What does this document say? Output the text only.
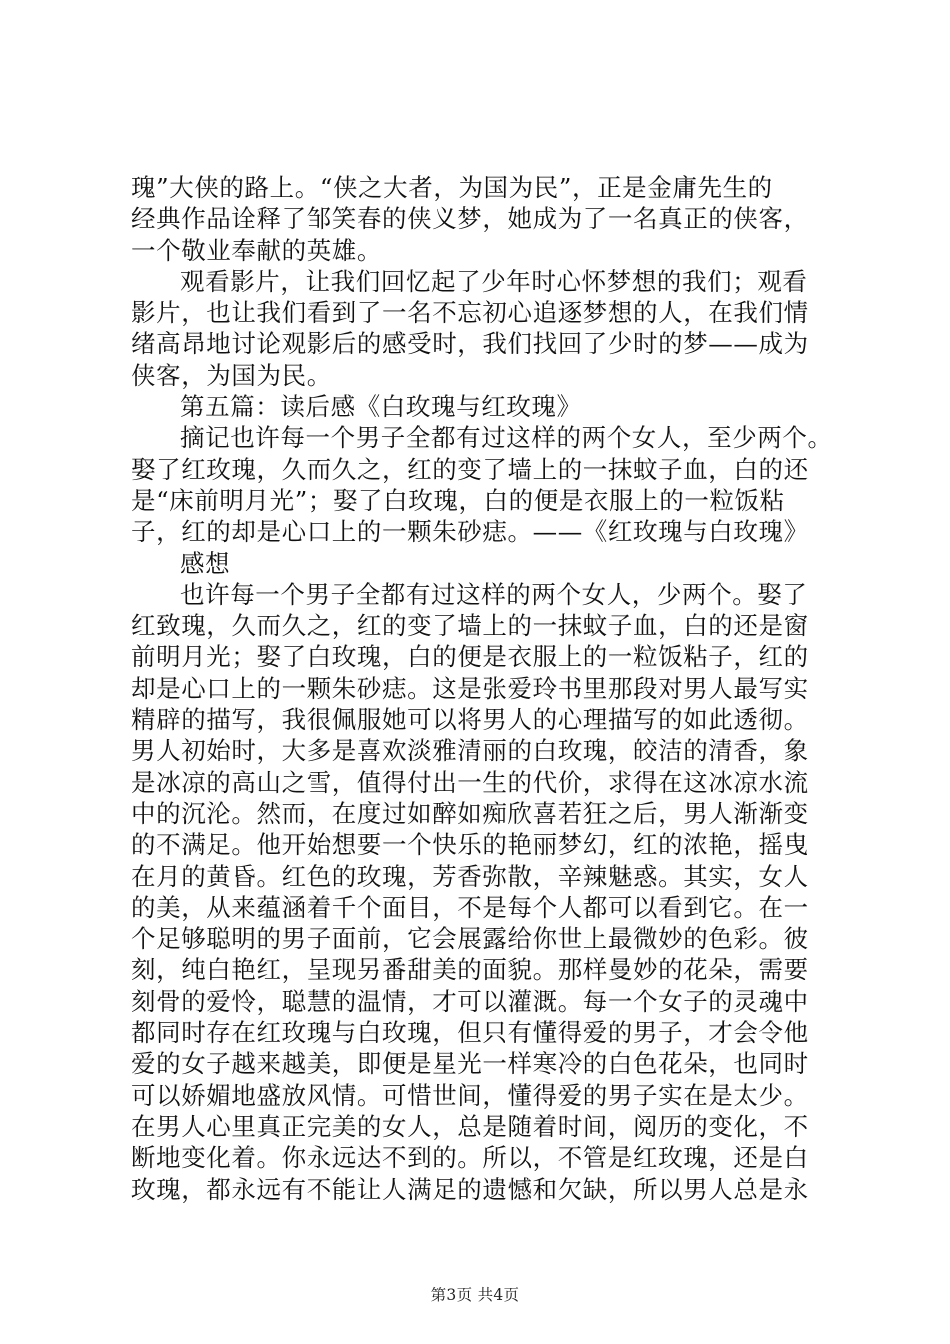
瑰”大侠的路上。“侠之大者，为国为民”，正是金庸先生的
经典作品诠释了邹笑春的侠义梦，她成为了一名真正的侠客，
一个敬业奉献的英雄。
观看影片，让我们回忆起了少年时心怀梦想的我们；观看
影片，也让我们看到了一名不忘初心追逐梦想的人，在我们情
绪高昂地讨论观影后的感受时，我们找回了少时的梦——成为
侠客，为国为民。
第五篇：读后感《白玫瑰与红玫瑰》
摘记也许每一个男子全都有过这样的两个女人，至少两个。
娶了红玫瑰，久而久之，红的变了墙上的一抹蚊子血，白的还
是“床前明月光”；娶了白玫瑰，白的便是衣服上的一粒饭粘
子，红的却是心口上的一颗朱砂痣。——《红玫瑰与白玫瑰》
感想
也许每一个男子全都有过这样的两个女人，少两个。娶了
红致瑰，久而久之，红的变了墙上的一抹蚊子血，白的还是窗
前明月光；娶了白玫瑰，白的便是衣服上的一粒饭粘子，红的
却是心口上的一颗朱砂痣。这是张爱玲书里那段对男人最写实
精辟的描写，我很佩服她可以将男人的心理描写的如此透彻。
男人初始时，大多是喜欢淡雅清丽的白玫瑰，皎洁的清香，象
是冰凉的高山之雪，值得付出一生的代价，求得在这冰凉水流
中的沉沦。然而，在度过如醉如痴欣喜若狂之后，男人渐渐变
的不满足。他开始想要一个快乐的艳丽梦幻，红的浓艳，摇曳
在月的黄昏。红色的玫瑰，芳香弥散，辛辣魅惑。其实，女人
的美，从来蕴涵着千个面目，不是每个人都可以看到它。在一
个足够聪明的男子面前，它会展露给你世上最微妙的色彩。彼
刻，纯白艳红，呈现另番甜美的面貌。那样曼妙的花朵，需要
刻骨的爱怜，聪慧的温情，才可以灌溉。每一个女子的灵魂中
都同时存在红玫瑰与白玫瑰，但只有懂得爱的男子，才会令他
爱的女子越来越美，即便是星光一样寒冷的白色花朵，也同时
可以娇媚地盛放风情。可惜世间，懂得爱的男子实在是太少。
在男人心里真正完美的女人，总是随着时间，阅历的变化，不
断地变化着。你永远达不到的。所以，不管是红玫瑰，还是白
玫瑰，都永远有不能让人满足的遗憾和欠缺，所以男人总是永
第3页 共4页
